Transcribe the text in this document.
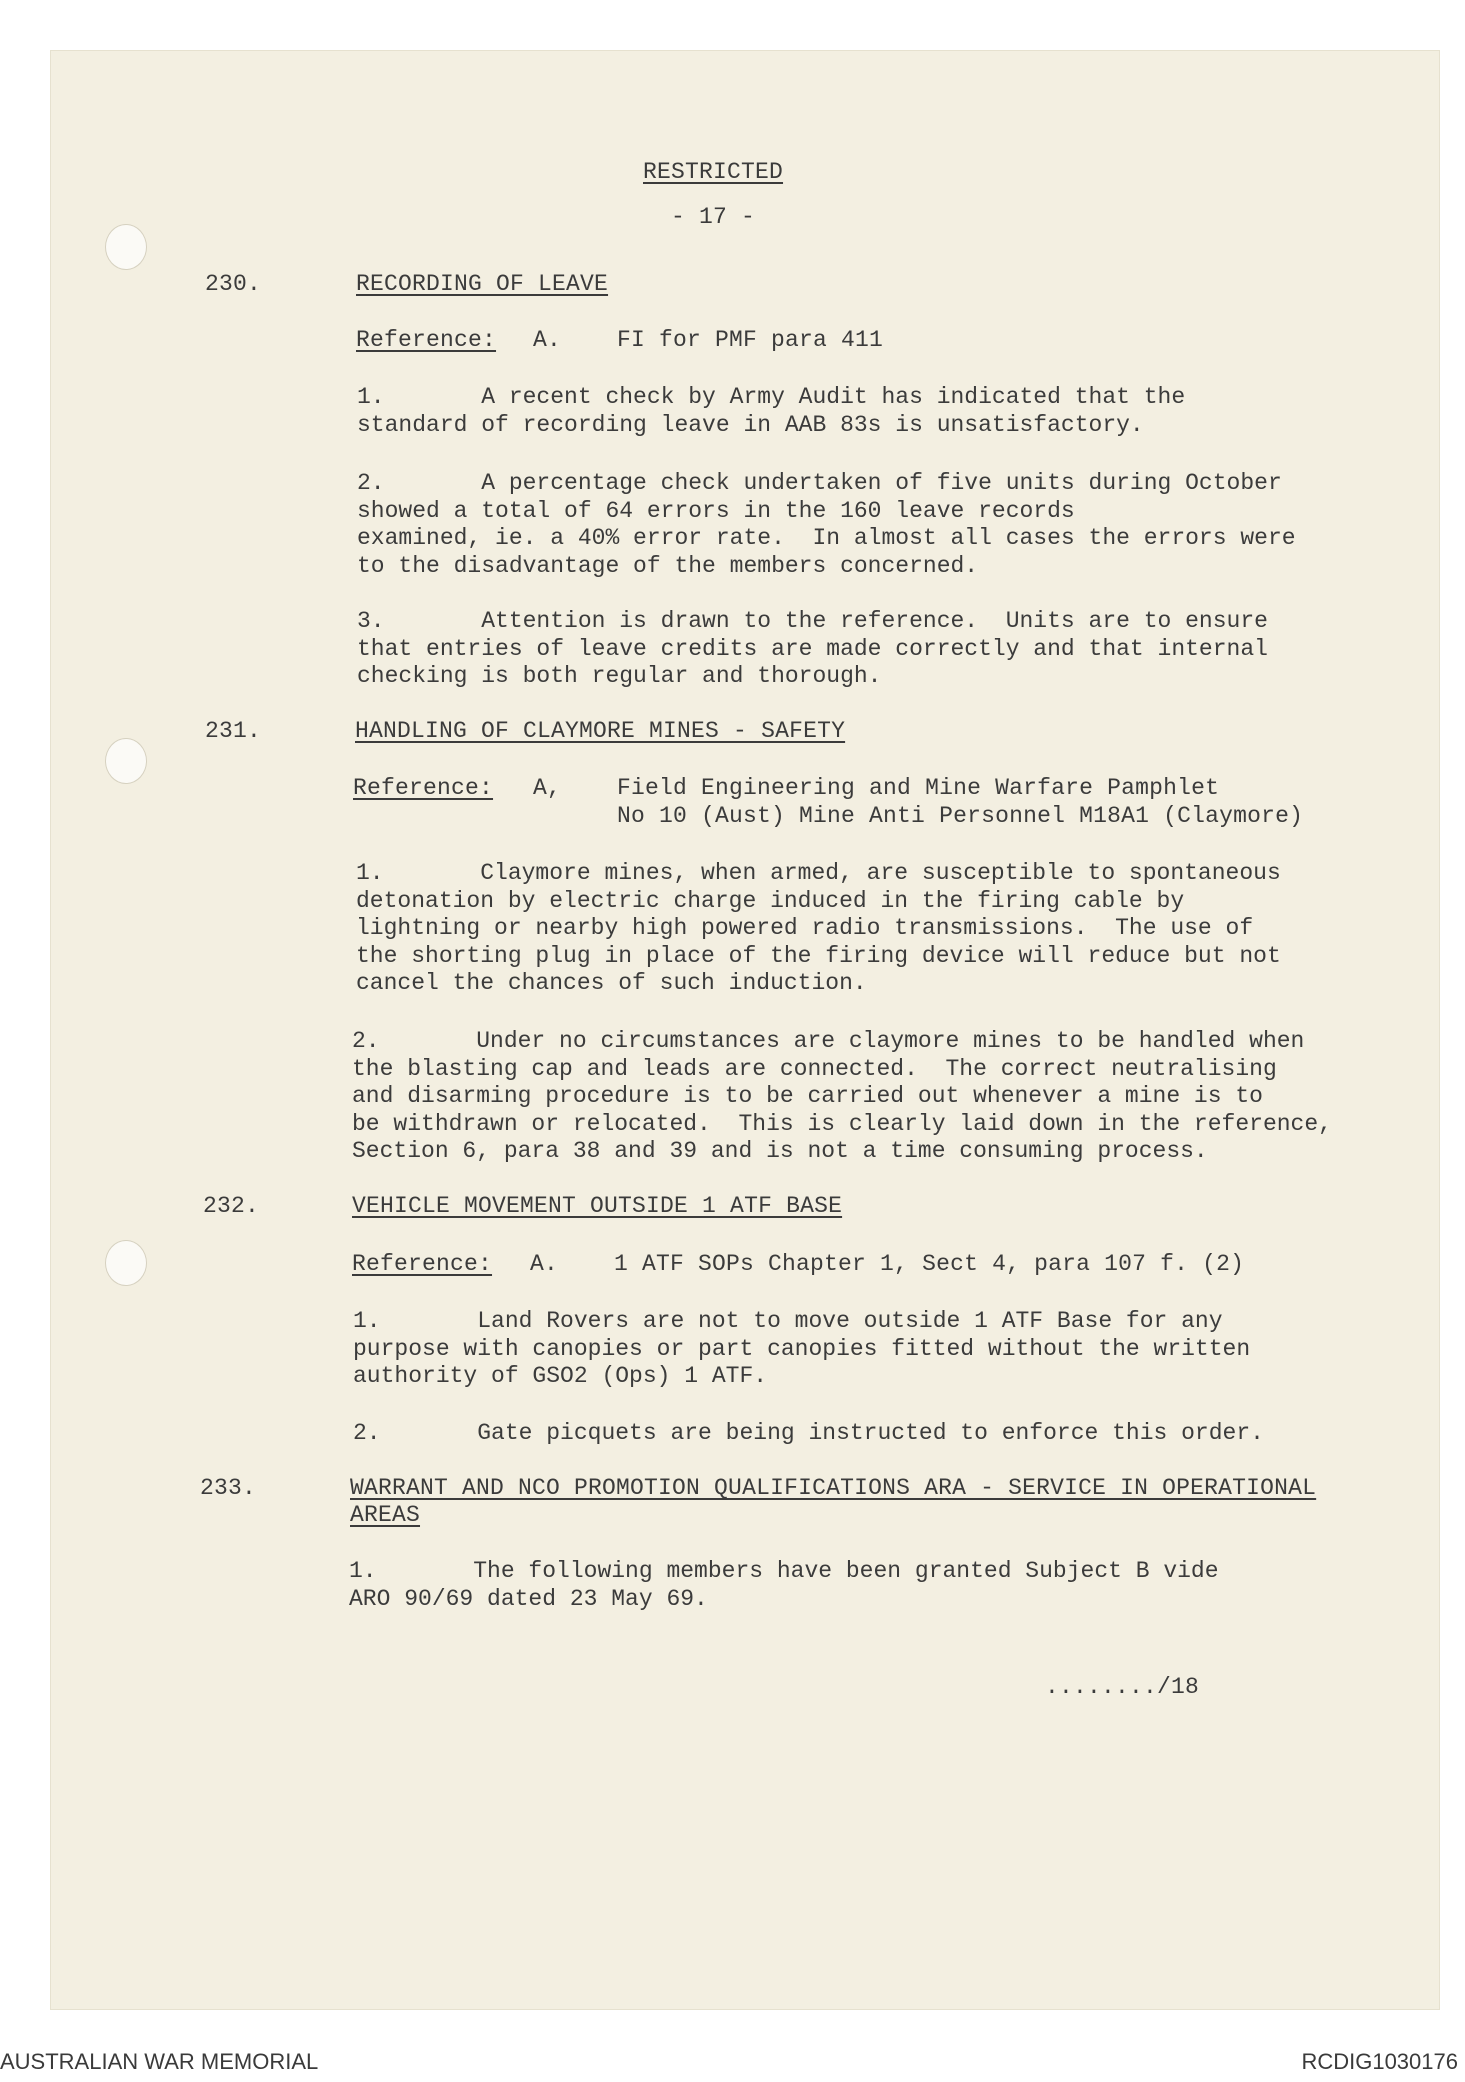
RESTRICTED
- 17 -
230.	RECORDING OF LEAVE
Reference: A.    FI for PMF para 411
1.       A recent check by Army Audit has indicated that the
standard of recording leave in AAB 83s is unsatisfactory.
2.       A percentage check undertaken of five units during October
showed a total of 64 errors in the 160 leave records
examined, ie. a 40% error rate.  In almost all cases the errors were
to the disadvantage of the members concerned.
3.       Attention is drawn to the reference.  Units are to ensure
that entries of leave credits are made correctly and that internal
checking is both regular and thorough.
231.	HANDLING OF CLAYMORE MINES - SAFETY
Reference: A,    Field Engineering and Mine Warfare Pamphlet
No 10 (Aust) Mine Anti Personnel M18A1 (Claymore)
1.       Claymore mines, when armed, are susceptible to spontaneous
detonation by electric charge induced in the firing cable by
lightning or nearby high powered radio transmissions.  The use of
the shorting plug in place of the firing device will reduce but not
cancel the chances of such induction.
2.       Under no circumstances are claymore mines to be handled when
the blasting cap and leads are connected.  The correct neutralising
and disarming procedure is to be carried out whenever a mine is to
be withdrawn or relocated.  This is clearly laid down in the reference,
Section 6, para 38 and 39 and is not a time consuming process.
232.	VEHICLE MOVEMENT OUTSIDE 1 ATF BASE
Reference: A.    1 ATF SOPs Chapter 1, Sect 4, para 107 f. (2)
1.       Land Rovers are not to move outside 1 ATF Base for any
purpose with canopies or part canopies fitted without the written
authority of GSO2 (Ops) 1 ATF.
2.       Gate picquets are being instructed to enforce this order.
233.	WARRANT AND NCO PROMOTION QUALIFICATIONS ARA - SERVICE IN OPERATIONAL
AREAS
1.       The following members have been granted Subject B vide
ARO 90/69 dated 23 May 69.
......../18
AUSTRALIAN WAR MEMORIAL	RCDIG1030176
